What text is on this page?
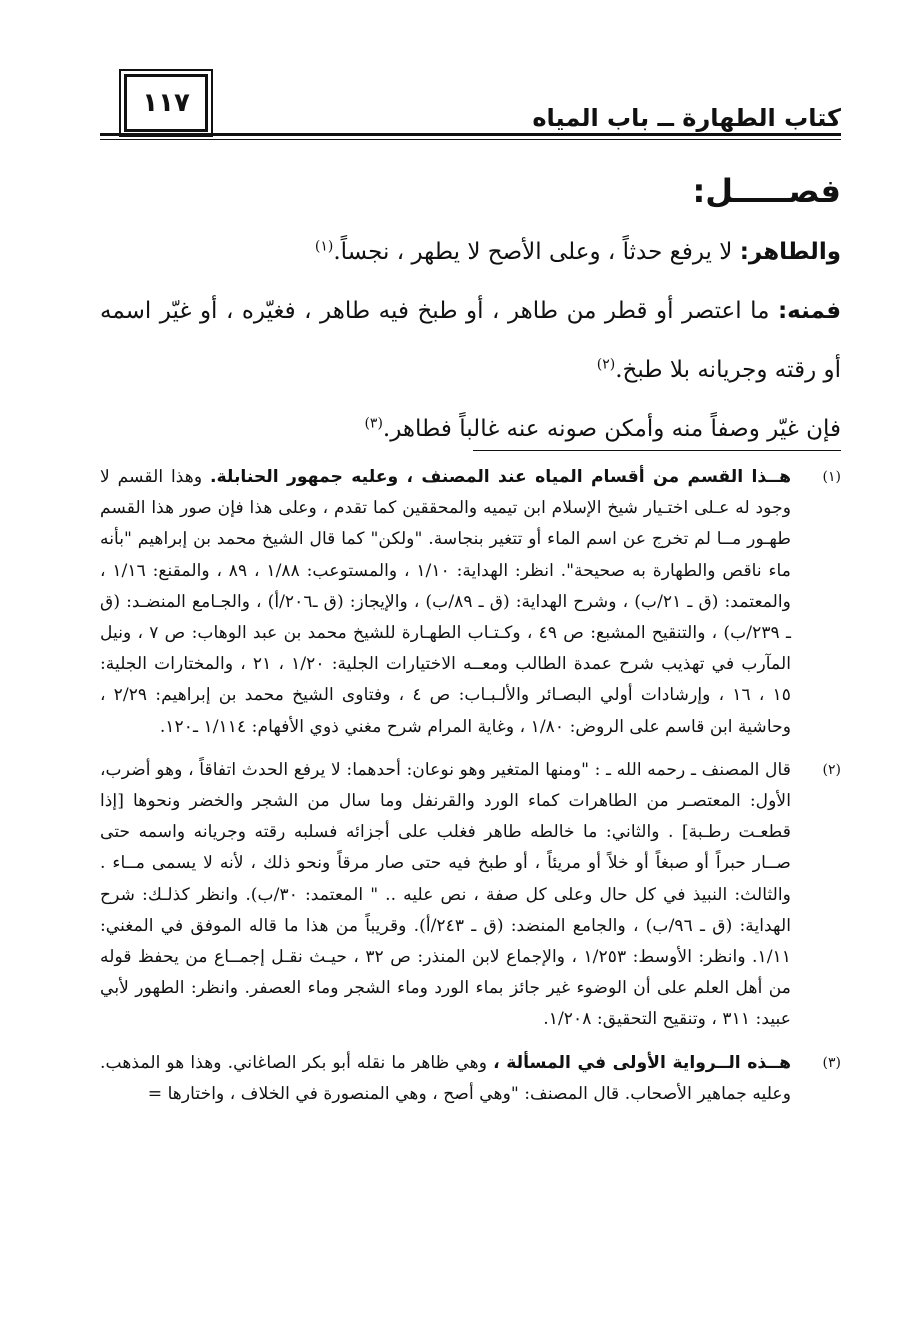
١١٧	كتاب الطهارة ــ باب المياه
فصـــــل:

والطاهر: لا يرفع حدثاً ، وعلى الأصح لا يطهر ، نجساً.$^{(١)}$

فمنه: ما اعتصر أو قطر من طاهر ، أو طبخ فيه طاهر ، فغيّره ، أو غيّر اسمه أو رقته وجريانه بلا طبخ.$^{(٢)}$

فإن غيّر وصفاً منه وأمكن صونه عنه غالباً فطاهر.$^{(٣)}$

(١)
هــذا القسم من أقسام المياه عند المصنف ، وعليه جمهور الحنابلة. وهذا القسم لا وجود له عـلى اختـيار شيخ الإسلام ابن تيميه والمحققين كما تقدم ، وعلى هذا فإن صور هذا القسم طهـور مــا لم تخرج عن اسم الماء أو تتغير بنجاسة. "ولكن" كما قال الشيخ محمد بن إبراهيم "بأنه ماء ناقص والطهارة به صحيحة". انظر: الهداية: ١/١٠ ، والمستوعب: ١/٨٨ ، ٨٩ ، والمقنع: ١/١٦ ، والمعتمد: (ق ـ ٢١/ب) ، وشرح الهداية: (ق ـ ٨٩/ب) ، والإيجاز: (ق ـ٢٠٦/أ) ، والجـامع المنضـد: (ق ـ ٢٣٩/ب) ، والتنقيح المشبع: ص ٤٩ ، وكـتـاب الطهـارة للشيخ محمد بن عبد الوهاب: ص ٧ ، ونيل المآرب في تهذيب شرح عمدة الطالب ومعــه الاختيارات الجلية: ١/٢٠ ، ٢١ ، والمختارات الجلية: ١٥ ، ١٦ ، وإرشادات أولي البصـائر والألـبـاب: ص ٤ ، وفتاوى الشيخ محمد بن إبراهيم: ٢/٢٩ ، وحاشية ابن قاسم على الروض: ١/٨٠ ، وغاية المرام شرح مغني ذوي الأفهام: ١/١١٤ ـ١٢٠.
(٢)
قال المصنف ـ رحمه الله ـ : "ومنها المتغير وهو نوعان: أحدهما: لا يرفع الحدث اتفاقاً ، وهو أضرب، الأول: المعتصـر من الطاهرات كماء الورد والقرنفل وما سال من الشجر والخضر ونحوها [إذا قطعـت رطـبة] . والثاني: ما خالطه طاهر فغلب على أجزائه فسلبه رقته وجريانه واسمه حتى صــار حبراً أو صبغاً أو خلاً أو مريئاً ، أو طبخ فيه حتى صار مرقاً ونحو ذلك ، لأنه لا يسمى مــاء . والثالث: النبيذ في كل حال وعلى كل صفة ، نص عليه .. " المعتمد: ٣٠/ب). وانظر كذلـك: شرح الهداية: (ق ـ ٩٦/ب) ، والجامع المنضد: (ق ـ ٢٤٣/أ). وقريباً من هذا ما قاله الموفق في المغني: ١/١١. وانظر: الأوسط: ١/٢٥٣ ، والإجماع لابن المنذر: ص ٣٢ ، حيـث نقـل إجمــاع من يحفظ قوله من أهل العلم على أن الوضوء غير جائز بماء الورد وماء الشجر وماء العصفر. وانظر: الطهور لأبي عبيد: ٣١١ ، وتنقيح التحقيق: ١/٢٠٨.
(٣)
هــذه الــرواية الأولى في المسألة ، وهي ظاهر ما نقله أبو بكر الصاغاني. وهذا هو المذهب. وعليه جماهير الأصحاب. قال المصنف: "وهي أصح ، وهي المنصورة في الخلاف ، واختارها =
